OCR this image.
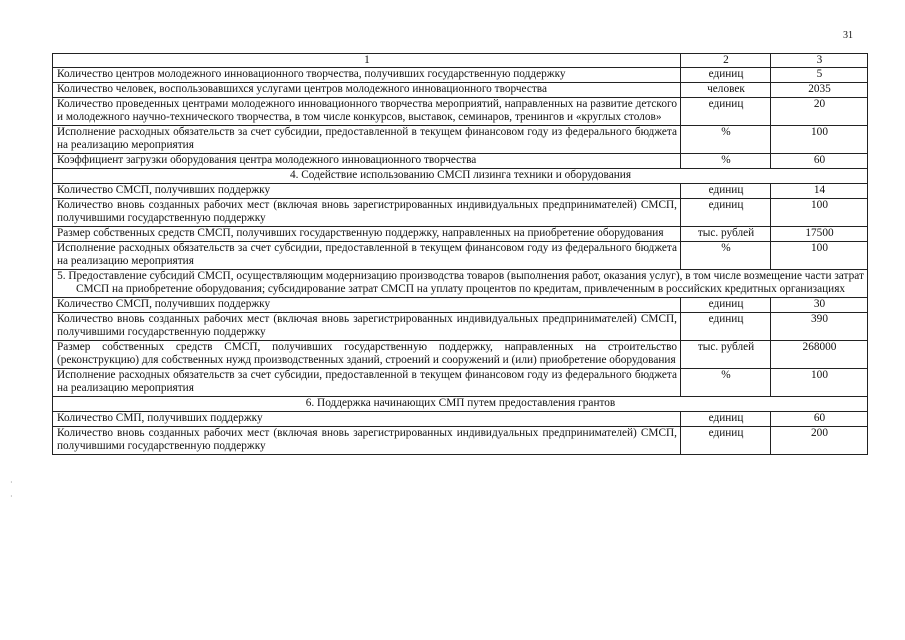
31
·
·
1	2	3
Количество центров молодежного инновационного творчества, получивших государственную поддержку	единиц	5
Количество человек, воспользовавшихся услугами центров молодежного инновационного творчества	человек	2035
Количество проведенных центрами молодежного инновационного творчества мероприятий, направленных на развитие детского и молодежного научно-технического творчества, в том числе конкурсов, выставок, семинаров, тренингов и «круглых столов»	единиц	20
Исполнение расходных обязательств за счет субсидии, предоставленной в текущем финансовом году из федерального бюджета на реализацию мероприятия	%	100
Коэффициент загрузки оборудования центра молодежного инновационного творчества	%	60
4. Содействие использованию СМСП лизинга техники и оборудования		
Количество СМСП, получивших поддержку	единиц	14
Количество вновь созданных рабочих мест (включая вновь зарегистрированных индивидуальных предпринимателей) СМСП, получившими государственную поддержку	единиц	100
Размер собственных средств СМСП, получивших государственную поддержку, направленных на приобретение оборудования	тыс. рублей	17500
Исполнение расходных обязательств за счет субсидии, предоставленной в текущем финансовом году из федерального бюджета на реализацию мероприятия	%	100
5. Предоставление субсидий СМСП, осуществляющим модернизацию производства товаров (выполнения работ, оказания услуг), в том числе возмещение части затрат СМСП на приобретение оборудования; субсидирование затрат СМСП на уплату процентов по кредитам, привлеченным в российских кредитных организациях		
Количество СМСП, получивших поддержку	единиц	30
Количество вновь созданных рабочих мест (включая вновь зарегистрированных индивидуальных предпринимателей) СМСП, получившими государственную поддержку	единиц	390
Размер собственных средств СМСП, получивших государственную поддержку, направленных на строительство (реконструкцию) для собственных нужд производственных зданий, строений и сооружений и (или) приобретение оборудования	тыс. рублей	268000
Исполнение расходных обязательств за счет субсидии, предоставленной в текущем финансовом году из федерального бюджета на реализацию мероприятия	%	100
6. Поддержка начинающих СМП путем предоставления грантов		
Количество СМП, получивших поддержку	единиц	60
Количество вновь созданных рабочих мест (включая вновь зарегистрированных индивидуальных предпринимателей) СМСП, получившими государственную поддержку	единиц	200
